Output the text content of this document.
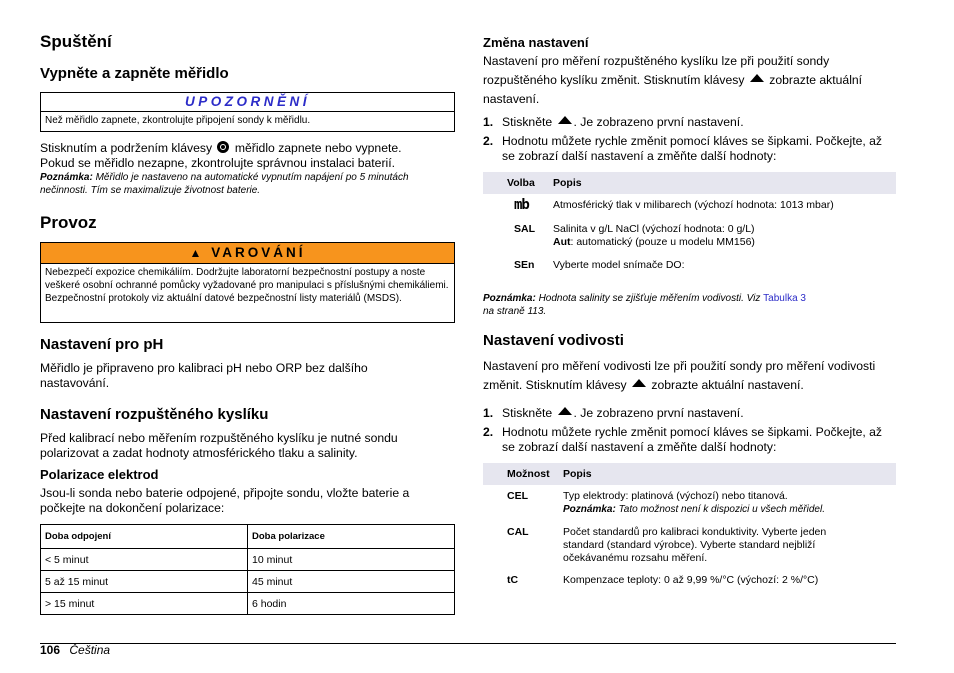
Spuštění
Vypněte a zapněte měřidlo
UPOZORNĚNÍ
Než měřidlo zapnete, zkontrolujte připojení sondy k měřidlu.

Stisknutím a podržením klávesy měřidlo zapnete nebo vypnete.
Pokud se měřidlo nezapne, zkontrolujte správnou instalaci baterií.

Poznámka: Měřidlo je nastaveno na automatické vypnutím napájení po 5 minutách nečinnosti. Tím se maximalizuje životnost baterie.
Provoz
▲ VAROVÁNÍ
Nebezpečí expozice chemikáliím. Dodržujte laboratorní bezpečnostní postupy a noste veškeré osobní ochranné pomůcky vyžadované pro manipulaci s příslušnými chemikáliemi. Bezpečnostní protokoly viz aktuální datové bezpečnostní listy materiálů (MSDS).
Nastavení pro pH

Měřidlo je připraveno pro kalibraci pH nebo ORP bez dalšího nastavování.

Nastavení rozpuštěného kyslíku

Před kalibrací nebo měřením rozpuštěného kyslíku je nutné sondu polarizovat a zadat hodnoty atmosférického tlaku a salinity.

Polarizace elektrod

Jsou-li sonda nebo baterie odpojené, připojte sondu, vložte baterie a počkejte na dokončení polarizace:

Doba odpojení	Doba polarizace
< 5 minut	10 minut
5 až 15 minut	45 minut
> 15 minut	6 hodin
Změna nastavení

Nastavení pro měření rozpuštěného kyslíku lze při použití sondy rozpuštěného kyslíku změnit. Stisknutím klávesy zobrazte aktuální nastavení.

1. Stiskněte . Je zobrazeno první nastavení.
2. Hodnotu můžete rychle změnit pomocí kláves se šipkami. Počkejte, až se zobrazí další nastavení a změňte další hodnoty:
Volba Popis
mb Atmosférický tlak v milibarech (výchozí hodnota: 1013 mbar)
SAL Salinita v g/L NaCl (výchozí hodnota: 0 g/L)
Aut: automatický (pouze u modelu MM156)
SEn Vyberte model snímače DO:
Poznámka: Hodnota salinity se zjišťuje měřením vodivosti. Viz Tabulka 3
na straně 113.
Nastavení vodivosti

Nastavení pro měření vodivosti lze při použití sondy pro měření vodivosti změnit. Stisknutím klávesy zobrazte aktuální nastavení.

1. Stiskněte . Je zobrazeno první nastavení.
2. Hodnotu můžete rychle změnit pomocí kláves se šipkami. Počkejte, až se zobrazí další nastavení a změňte další hodnoty:
Možnost Popis
CEL	Typ elektrody: platinová (výchozí) nebo titanová.
Poznámka: Tato možnost není k dispozici u všech měřidel.
CAL	Počet standardů pro kalibraci konduktivity. Vyberte jeden standard (standard výrobce). Vyberte standard nejbliží očekávanému rozsahu měření.
tC	Kompenzace teploty: 0 až 9,99 %/°C (výchozí: 2 %/°C)
106 Čeština
